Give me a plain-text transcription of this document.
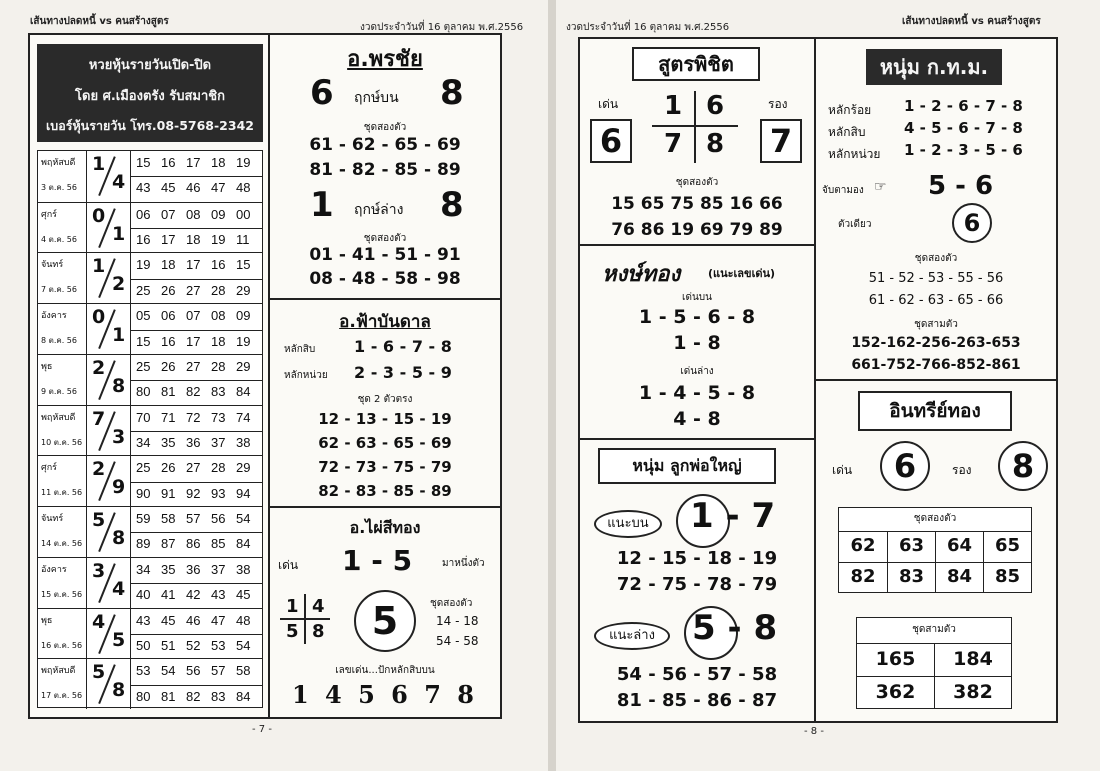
เส้นทางปลดหนี้ vs คนสร้างสูตร
งวดประจำวันที่ 16 ตุลาคม พ.ศ.2556
หวยหุ้นรายวันเปิด-ปิด
โดย ศ.เมืองตรัง รับสมาชิก
เบอร์หุ้นรายวัน โทร.08-5768-2342
พฤหัสบดี
3 ต.ค. 56
1
4
15 16 17 18 19
43 45 46 47 48
ศุกร์
4 ต.ค. 56
0
1
06 07 08 09 00
16 17 18 19 11
จันทร์
7 ต.ค. 56
1
2
19 18 17 16 15
25 26 27 28 29
อังคาร
8 ต.ค. 56
0
1
05 06 07 08 09
15 16 17 18 19
พุธ
9 ต.ค. 56
2
8
25 26 27 28 29
80 81 82 83 84
พฤหัสบดี
10 ต.ค. 56
7
3
70 71 72 73 74
34 35 36 37 38
ศุกร์
11 ต.ค. 56
2
9
25 26 27 28 29
90 91 92 93 94
จันทร์
14 ต.ค. 56
5
8
59 58 57 56 54
89 87 86 85 84
อังคาร
15 ต.ค. 56
3
4
34 35 36 37 38
40 41 42 43 45
พุธ
16 ต.ค. 56
4
5
43 45 46 47 48
50 51 52 53 54
พฤหัสบดี
17 ต.ค. 56
5
8
53 54 56 57 58
80 81 82 83 84
อ.พรชัย
6 ฤกษ์บน 8
ชุดสองตัว
61 - 62 - 65 - 69
81 - 82 - 85 - 89
1 ฤกษ์ล่าง 8
ชุดสองตัว
01 - 41 - 51 - 91
08 - 48 - 58 - 98
อ.ฟ้าบันดาล
หลักสิบ 1 - 6 - 7 - 8
หลักหน่วย 2 - 3 - 5 - 9
ชุด 2 ตัวตรง
12 - 13 - 15 - 19
62 - 63 - 65 - 69
72 - 73 - 75 - 79
82 - 83 - 85 - 89
อ.ไผ่สีทอง
เด่น 1 - 5	มาหนึ่งตัว
1 4
5 8	5	ชุดสองตัว
14 - 18
54 - 58
เลขเด่น...ปักหลักสิบบน
1 4 5 6 7 8
- 7 -
งวดประจำวันที่ 16 ตุลาคม พ.ศ.2556
เส้นทางปลดหนี้ vs คนสร้างสูตร
สูตรพิชิต
เด่น	รอง
6	7
1 6
7 8
ชุดสองตัว
15 65 75 85 16 66
76 86 19 69 79 89
หงษ์ทอง	(แนะเลขเด่น)
เด่นบน
1 - 5 - 6 - 8
1 - 8
เด่นล่าง
1 - 4 - 5 - 8
4 - 8
หนุ่ม ลูกพ่อใหญ่
แนะบน	1 - 7
12 - 15 - 18 - 19
72 - 75 - 78 - 79
แนะล่าง	5 - 8
54 - 56 - 57 - 58
81 - 85 - 86 - 87
หนุ่ม ก.ท.ม.
หลักร้อย 1 - 2 - 6 - 7 - 8
หลักสิบ	4 - 5 - 6 - 7 - 8
หลักหน่วย 1 - 2 - 3 - 5 - 6
จับตามอง ☞ 5 - 6
ตัวเดียว	6
ชุดสองตัว
51 - 52 - 53 - 55 - 56
61 - 62 - 63 - 65 - 66
ชุดสามตัว
152-162-256-263-653
661-752-766-852-861
อินทรีย์ทอง
เด่น	6	รอง	8
ชุดสองตัว
62	63	64	65
82	83	84	85
ชุดสามตัว
165	184
362	382
- 8 -
